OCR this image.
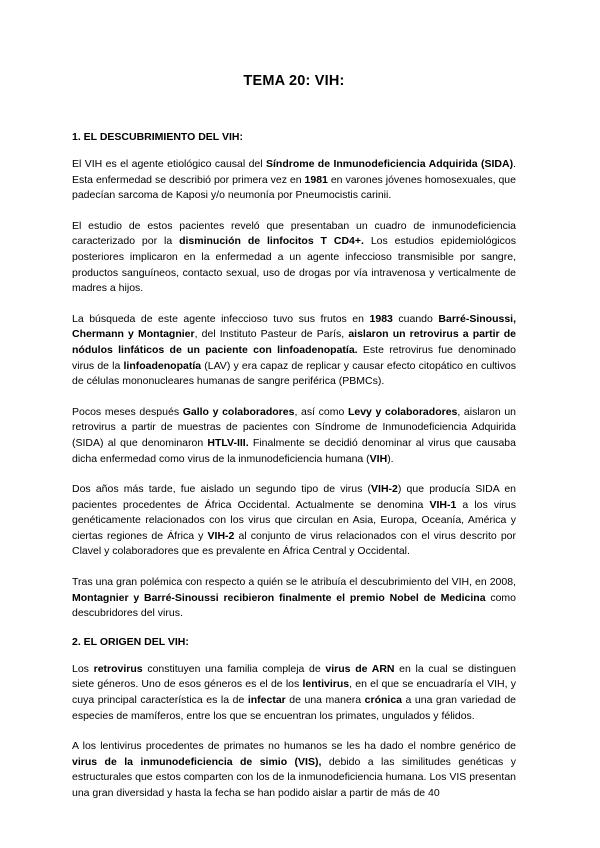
TEMA 20: VIH:
1. EL DESCUBRIMIENTO DEL VIH:

El VIH es el agente etiológico causal del Síndrome de Inmunodeficiencia Adquirida (SIDA). Esta enfermedad se describió por primera vez en 1981 en varones jóvenes homosexuales, que padecían sarcoma de Kaposi y/o neumonía por Pneumocistis carinii.

El estudio de estos pacientes reveló que presentaban un cuadro de inmunodeficiencia caracterizado por la disminución de linfocitos T CD4+. Los estudios epidemiológicos posteriores implicaron en la enfermedad a un agente infeccioso transmisible por sangre, productos sanguíneos, contacto sexual, uso de drogas por vía intravenosa y verticalmente de madres a hijos.

La búsqueda de este agente infeccioso tuvo sus frutos en 1983 cuando Barré-Sinoussi, Chermann y Montagnier, del Instituto Pasteur de París, aislaron un retrovirus a partir de nódulos linfáticos de un paciente con linfoadenopatía. Este retrovirus fue denominado virus de la linfoadenopatía (LAV) y era capaz de replicar y causar efecto citopático en cultivos de células mononucleares humanas de sangre periférica (PBMCs).

Pocos meses después Gallo y colaboradores, así como Levy y colaboradores, aislaron un retrovirus a partir de muestras de pacientes con Síndrome de Inmunodeficiencia Adquirida (SIDA) al que denominaron HTLV-III. Finalmente se decidió denominar al virus que causaba dicha enfermedad como virus de la inmunodeficiencia humana (VIH).

Dos años más tarde, fue aislado un segundo tipo de virus (VIH-2) que producía SIDA en pacientes procedentes de África Occidental. Actualmente se denomina VIH-1 a los virus genéticamente relacionados con los virus que circulan en Asia, Europa, Oceanía, América y ciertas regiones de África y VIH-2 al conjunto de virus relacionados con el virus descrito por Clavel y colaboradores que es prevalente en África Central y Occidental.

Tras una gran polémica con respecto a quién se le atribuía el descubrimiento del VIH, en 2008, Montagnier y Barré-Sinoussi recibieron finalmente el premio Nobel de Medicina como descubridores del virus.

2. EL ORIGEN DEL VIH:

Los retrovirus constituyen una familia compleja de virus de ARN en la cual se distinguen siete géneros. Uno de esos géneros es el de los lentivirus, en el que se encuadraría el VIH, y cuya principal característica es la de infectar de una manera crónica a una gran variedad de especies de mamíferos, entre los que se encuentran los primates, ungulados y félidos.

A los lentivirus procedentes de primates no humanos se les ha dado el nombre genérico de virus de la inmunodeficiencia de simio (VIS), debido a las similitudes genéticas y estructurales que estos comparten con los de la inmunodeficiencia humana. Los VIS presentan una gran diversidad y hasta la fecha se han podido aislar a partir de más de 40
